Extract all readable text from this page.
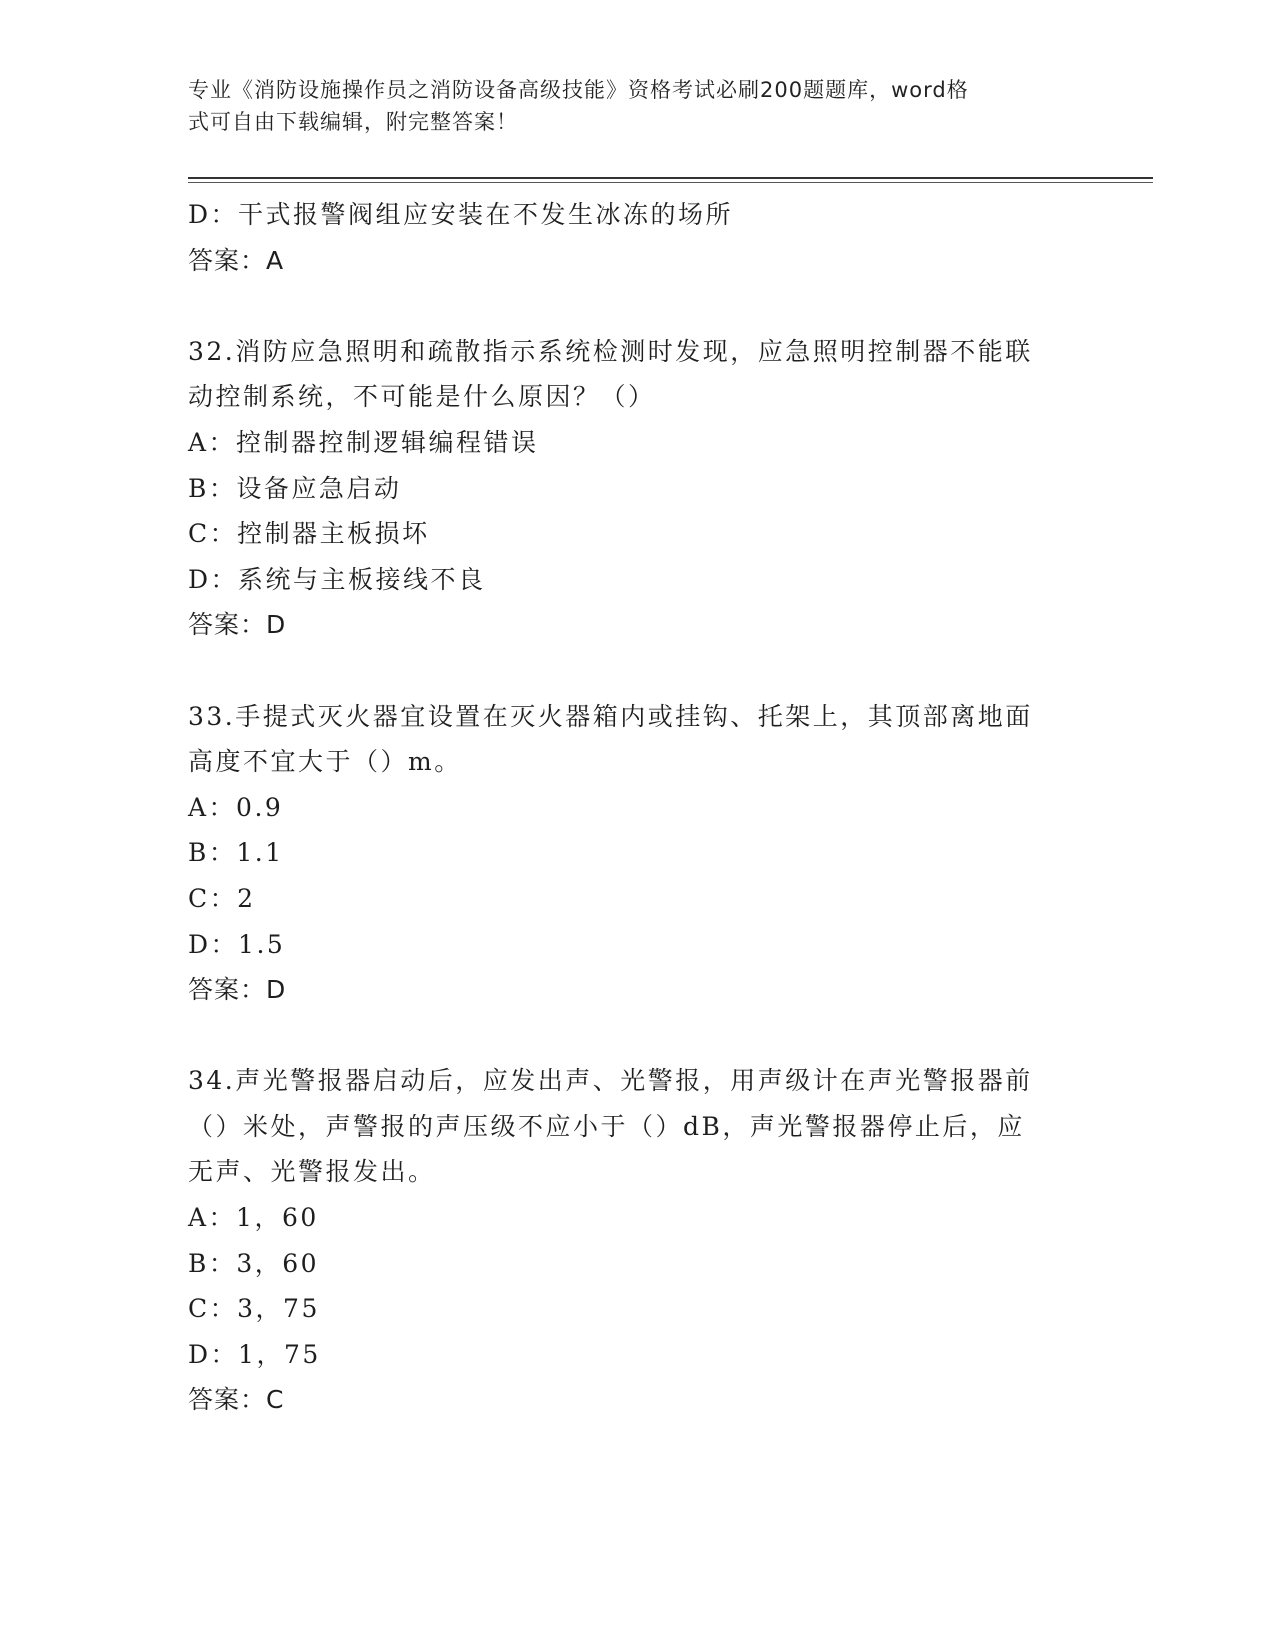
专业《消防设施操作员之消防设备高级技能》资格考试必刷200题题库，word格
式可自由下载编辑，附完整答案！
D：干式报警阀组应安装在不发生冰冻的场所
答案：A
32.消防应急照明和疏散指示系统检测时发现，应急照明控制器不能联
动控制系统，不可能是什么原因？（）
A：控制器控制逻辑编程错误
B：设备应急启动
C：控制器主板损坏
D：系统与主板接线不良
答案：D
33.手提式灭火器宜设置在灭火器箱内或挂钩、托架上，其顶部离地面
高度不宜大于（）m。
A：0.9
B：1.1
C：2
D：1.5
答案：D
34.声光警报器启动后，应发出声、光警报，用声级计在声光警报器前
（）米处，声警报的声压级不应小于（）dB，声光警报器停止后，应
无声、光警报发出。
A：1，60
B：3，60
C：3，75
D：1，75
答案：C
